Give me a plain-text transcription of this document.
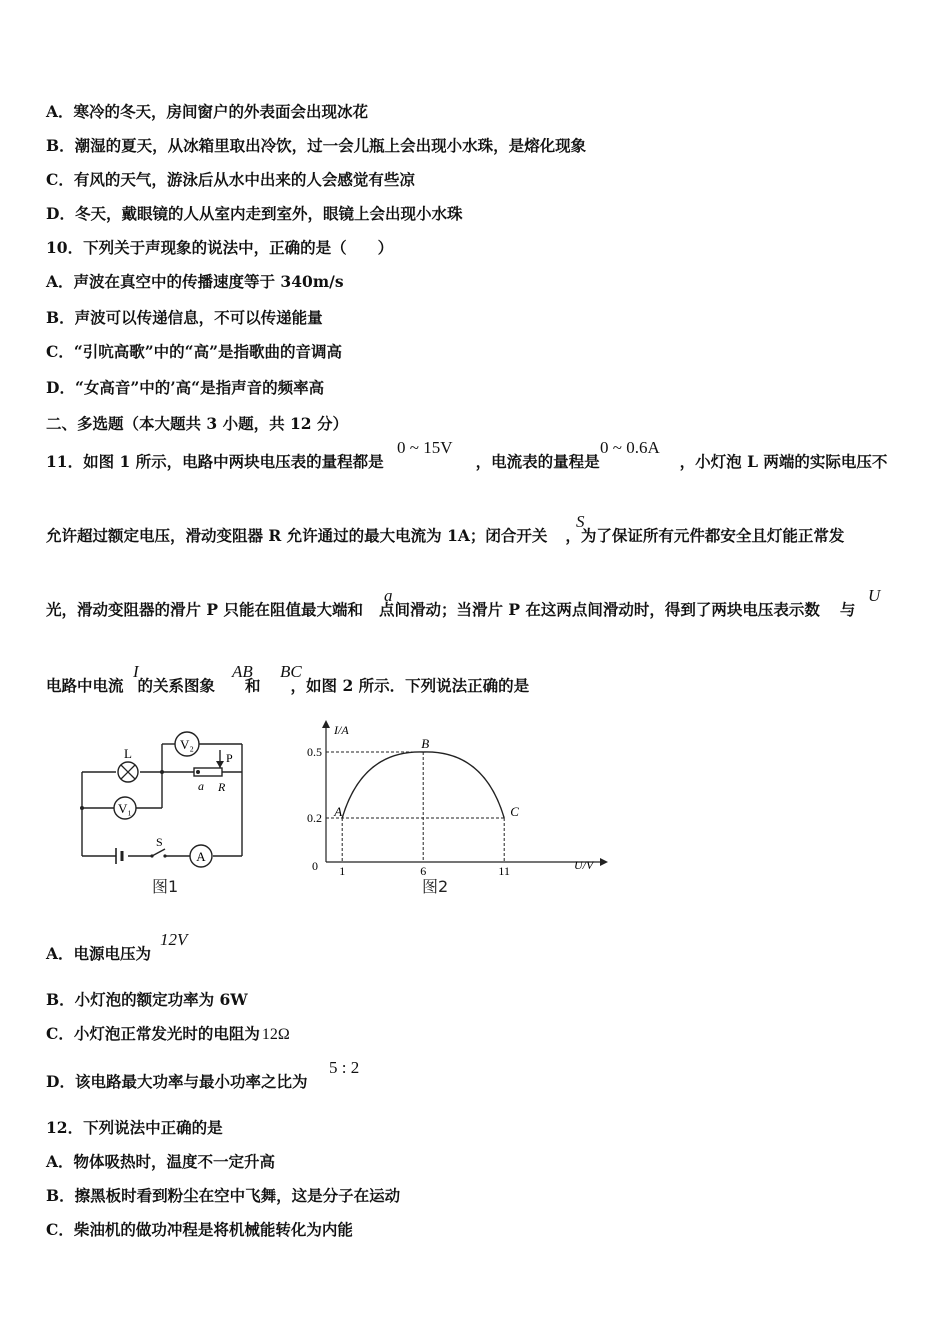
A．寒冷的冬天，房间窗户的外表面会出现冰花
B．潮湿的夏天，从冰箱里取出冷饮，过一会儿瓶上会出现小水珠，是熔化现象
C．有风的天气，游泳后从水中出来的人会感觉有些凉
D．冬天，戴眼镜的人从室内走到室外，眼镜上会出现小水珠
10．下列关于声现象的说法中，正确的是（　　）
A．声波在真空中的传播速度等于 340m/s
B．声波可以传递信息，不可以传递能量
C．“引吭高歌”中的“高”是指歌曲的音调高
D．“女高音”中的’高“是指声音的频率高
二、多选题（本大题共 3 小题，共 12 分）
11．如图 1 所示，电路中两块电压表的量程都是	，电流表的量程是	，小灯泡 L 两端的实际电压不
0 ~ 15V	0 ~ 0.6A
允许超过额定电压，滑动变阻器 R 允许通过的最大电流为 1A；闭合开关 ，为了保证所有元件都安全且灯能正常发
S
光，滑动变阻器的滑片 P 只能在阻值最大端和 点间滑动；当滑片 P 在这两点间滑动时，得到了两块电压表示数 与
a	U
电路中电流 的关系图象 和 ，如图 2 所示．下列说法正确的是
I	AB BC
L
V₂
P
a R
V₁
S
A
图1
I/A
U/V
0
A
B
C
1	6	11
0.5
0.2
图2
A．电源电压为
12V
B．小灯泡的额定功率为 6W
C．小灯泡正常发光时的电阻为 12Ω
D．该电路最大功率与最小功率之比为
5 : 2
12．下列说法中正确的是
A．物体吸热时，温度不一定升高
B．擦黑板时看到粉尘在空中飞舞，这是分子在运动
C．柴油机的做功冲程是将机械能转化为内能
